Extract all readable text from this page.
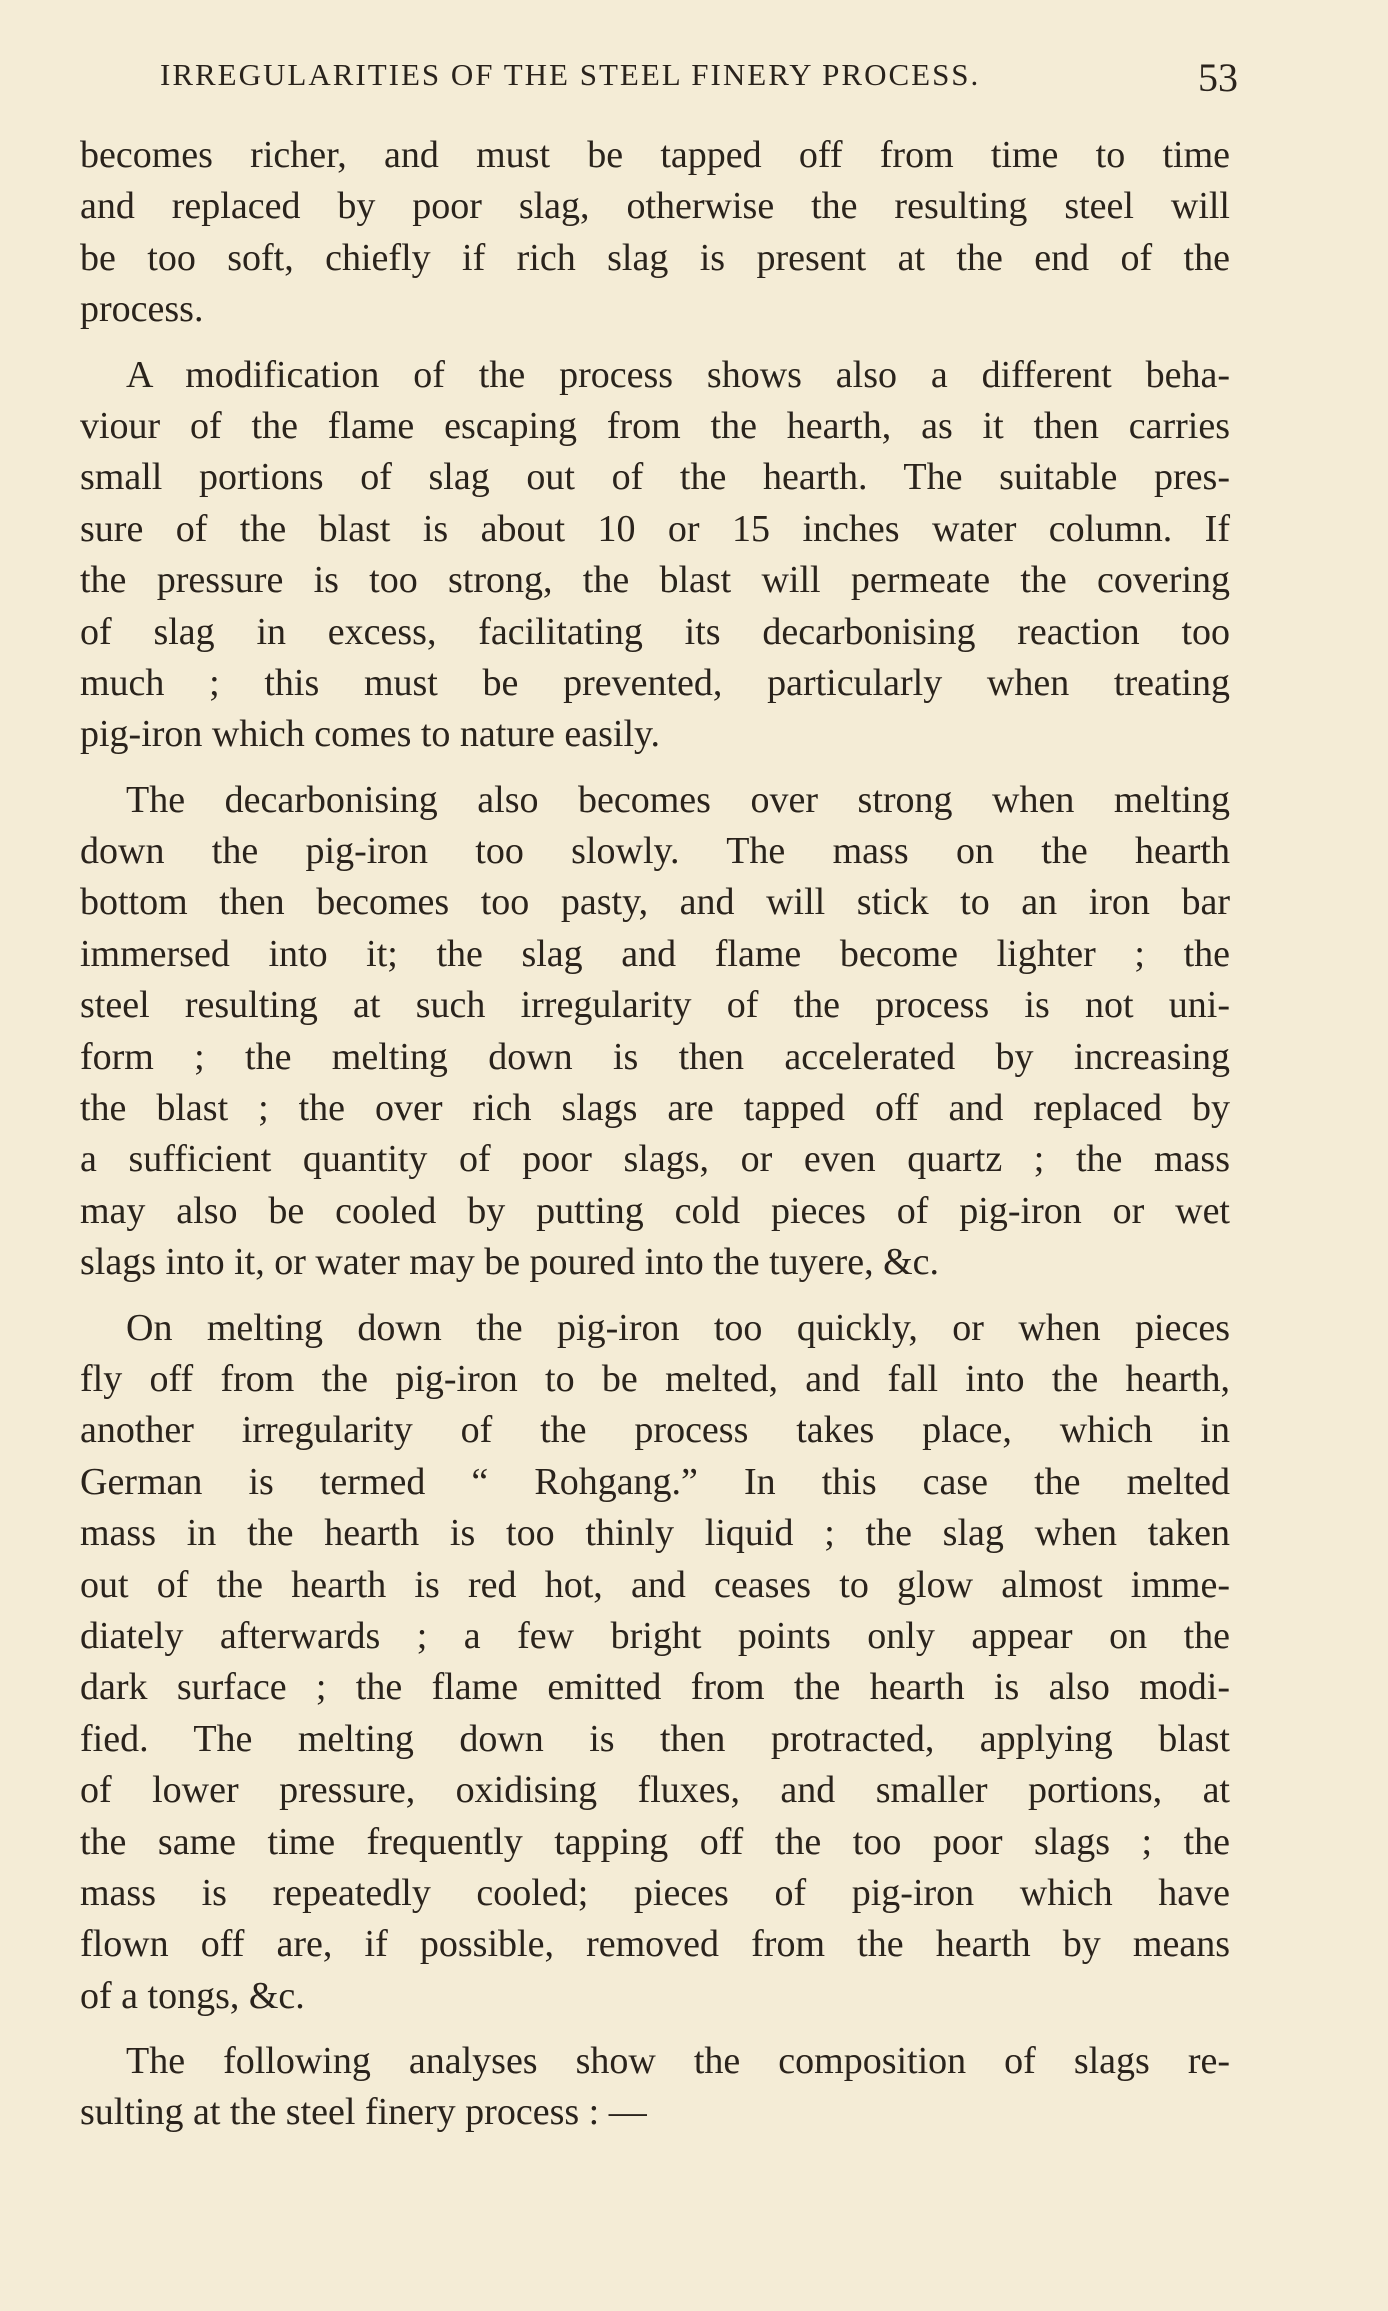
IRREGULARITIES OF THE STEEL FINERY PROCESS.	53
becomes richer, and must be tapped off from time to time
and replaced by poor slag, otherwise the resulting steel will
be too soft, chiefly if rich slag is present at the end of the
process.
A modification of the process shows also a different beha-
viour of the flame escaping from the hearth, as it then carries
small portions of slag out of the hearth. The suitable pres-
sure of the blast is about 10 or 15 inches water column. If
the pressure is too strong, the blast will permeate the covering
of slag in excess, facilitating its decarbonising reaction too
much ; this must be prevented, particularly when treating
pig-iron which comes to nature easily.
The decarbonising also becomes over strong when melting
down the pig-iron too slowly. The mass on the hearth
bottom then becomes too pasty, and will stick to an iron bar
immersed into it; the slag and flame become lighter ; the
steel resulting at such irregularity of the process is not uni-
form ; the melting down is then accelerated by increasing
the blast ; the over rich slags are tapped off and replaced by
a sufficient quantity of poor slags, or even quartz ; the mass
may also be cooled by putting cold pieces of pig-iron or wet
slags into it, or water may be poured into the tuyere, &c.
On melting down the pig-iron too quickly, or when pieces
fly off from the pig-iron to be melted, and fall into the hearth,
another irregularity of the process takes place, which in
German is termed “ Rohgang.” In this case the melted
mass in the hearth is too thinly liquid ; the slag when taken
out of the hearth is red hot, and ceases to glow almost imme-
diately afterwards ; a few bright points only appear on the
dark surface ; the flame emitted from the hearth is also modi-
fied. The melting down is then protracted, applying blast
of lower pressure, oxidising fluxes, and smaller portions, at
the same time frequently tapping off the too poor slags ; the
mass is repeatedly cooled; pieces of pig-iron which have
flown off are, if possible, removed from the hearth by means
of a tongs, &c.
The following analyses show the composition of slags re-
sulting at the steel finery process : —
